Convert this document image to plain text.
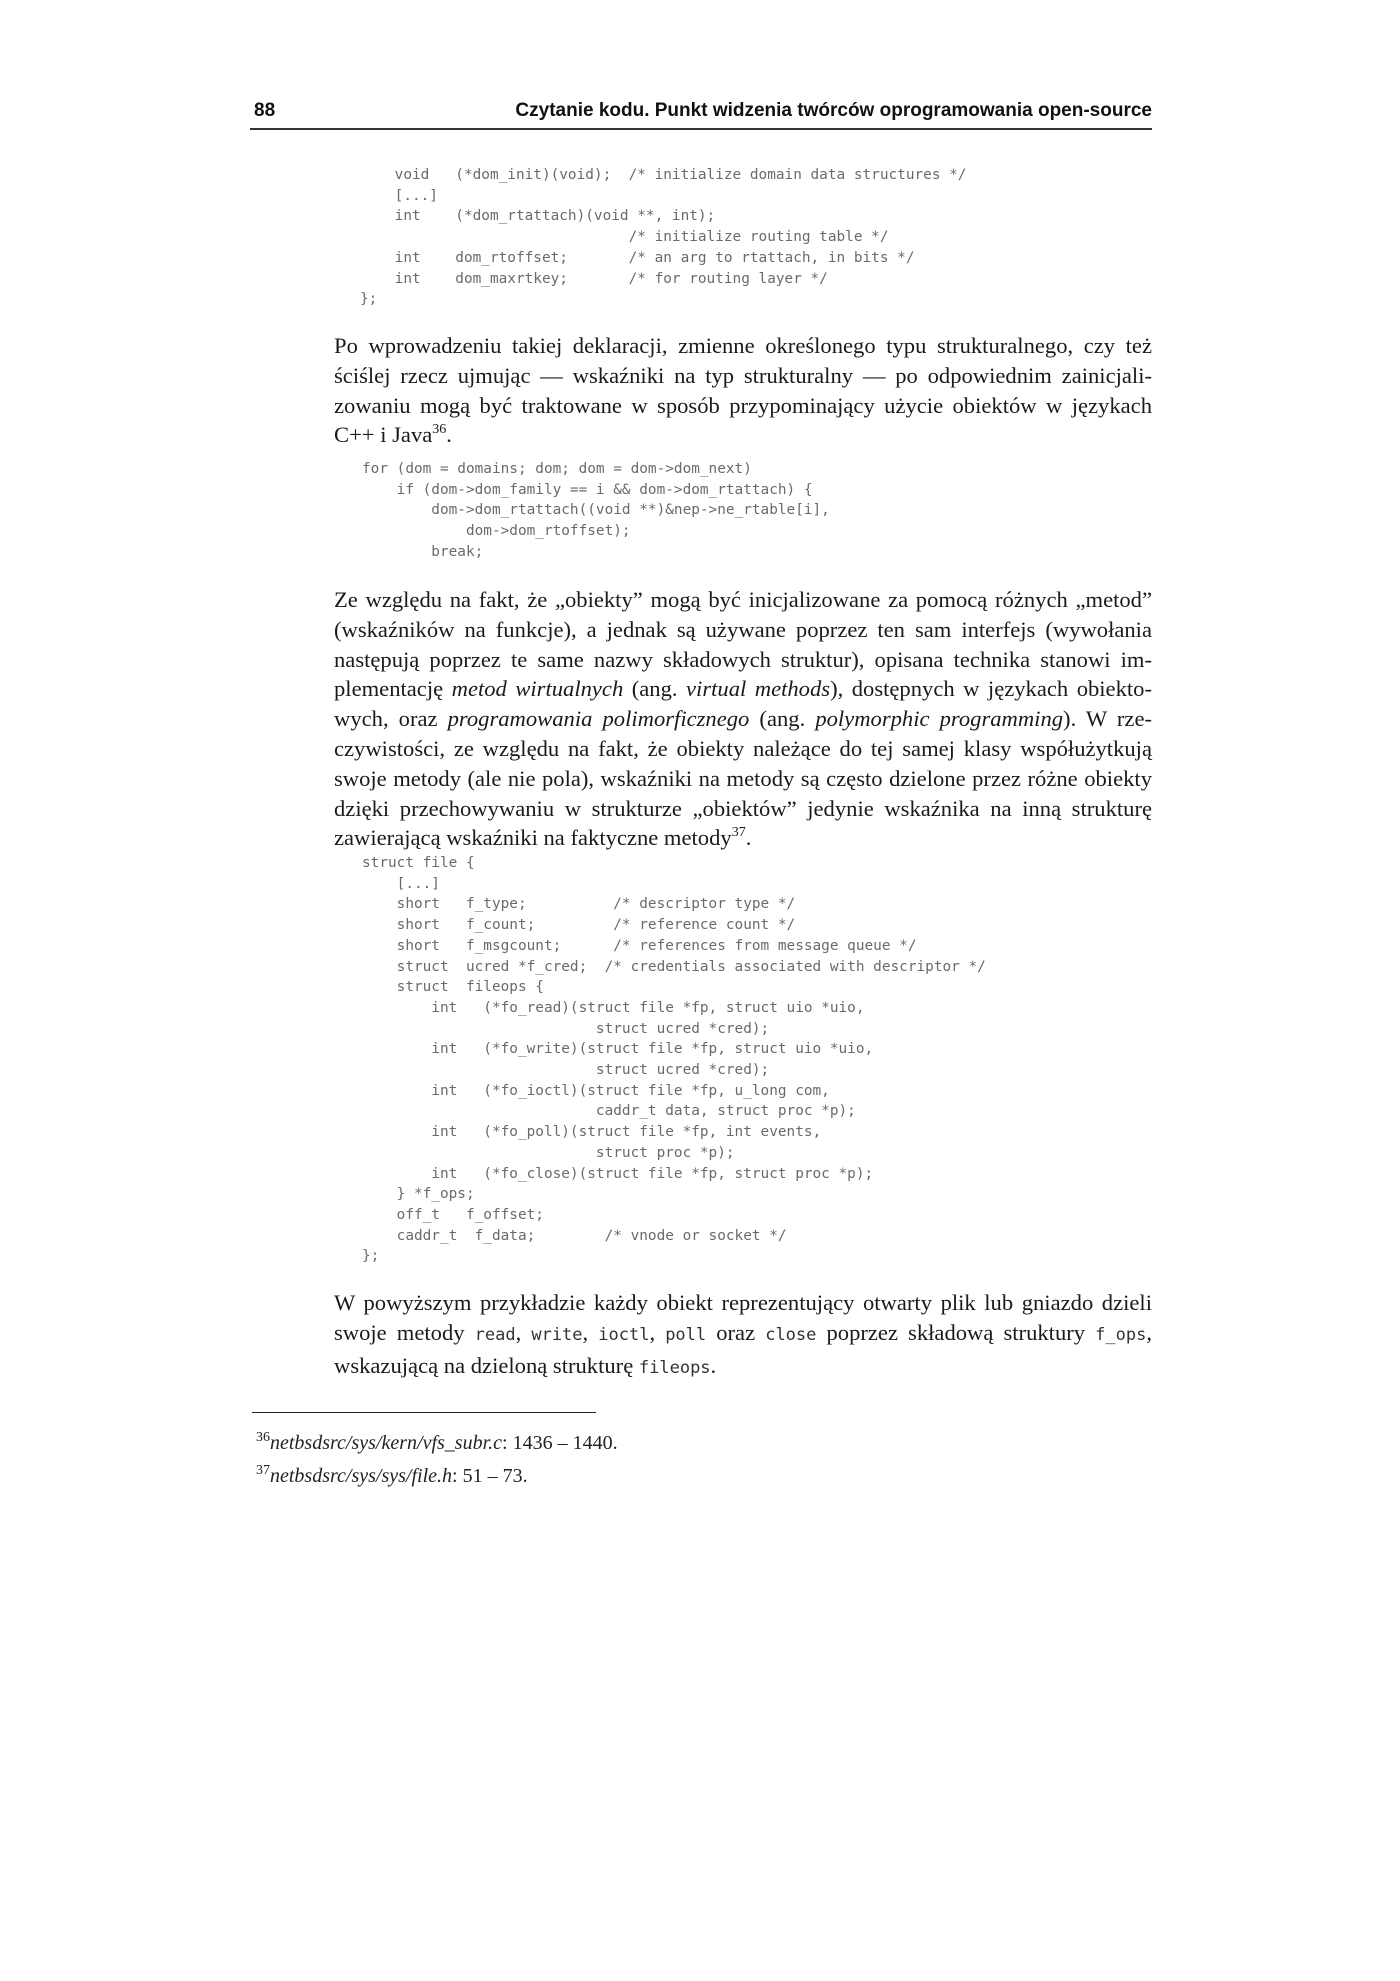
88	Czytanie kodu. Punkt widzenia twórców oprogramowania open-source
void   (*dom_init)(void);  /* initialize domain data structures */
[...]
int    (*dom_rtattach)(void **, int);
/* initialize routing table */
int    dom_rtoffset;       /* an arg to rtattach, in bits */
int    dom_maxrtkey;       /* for routing layer */
};
Po wprowadzeniu takiej deklaracji, zmienne określonego typu strukturalnego, czy też
ściślej rzecz ujmując — wskaźniki na typ strukturalny — po odpowiednim zainicjali-
zowaniu mogą być traktowane w sposób przypominający użycie obiektów w językach
C++ i Java$^{36}$.
for (dom = domains; dom; dom = dom->dom_next)
if (dom->dom_family == i && dom->dom_rtattach) {
dom->dom_rtattach((void **)&nep->ne_rtable[i],
dom->dom_rtoffset);
break;
Ze względu na fakt, że „obiekty” mogą być inicjalizowane za pomocą różnych „metod”
(wskaźników na funkcje), a jednak są używane poprzez ten sam interfejs (wywołania
następują poprzez te same nazwy składowych struktur), opisana technika stanowi im-
plementację metod wirtualnych (ang. virtual methods), dostępnych w językach obiekto-
wych, oraz programowania polimorficznego (ang. polymorphic programming). W rze-
czywistości, ze względu na fakt, że obiekty należące do tej samej klasy współużytkują
swoje metody (ale nie pola), wskaźniki na metody są często dzielone przez różne obiekty
dzięki przechowywaniu w strukturze „obiektów” jedynie wskaźnika na inną strukturę
zawierającą wskaźniki na faktyczne metody$^{37}$.
struct file {
[...]
short   f_type;          /* descriptor type */
short   f_count;         /* reference count */
short   f_msgcount;      /* references from message queue */
struct  ucred *f_cred;  /* credentials associated with descriptor */
struct  fileops {
int   (*fo_read)(struct file *fp, struct uio *uio,
struct ucred *cred);
int   (*fo_write)(struct file *fp, struct uio *uio,
struct ucred *cred);
int   (*fo_ioctl)(struct file *fp, u_long com,
caddr_t data, struct proc *p);
int   (*fo_poll)(struct file *fp, int events,
struct proc *p);
int   (*fo_close)(struct file *fp, struct proc *p);
} *f_ops;
off_t   f_offset;
caddr_t  f_data;        /* vnode or socket */
};
W powyższym przykładzie każdy obiekt reprezentujący otwarty plik lub gniazdo dzieli
swoje metody read, write, ioctl, poll oraz close poprzez składową struktury f_ops,
wskazującą na dzieloną strukturę fileops.
$^{36}$netbsdsrc/sys/kern/vfs_subr.c: 1436 – 1440.
$^{37}$netbsdsrc/sys/sys/file.h: 51 – 73.
